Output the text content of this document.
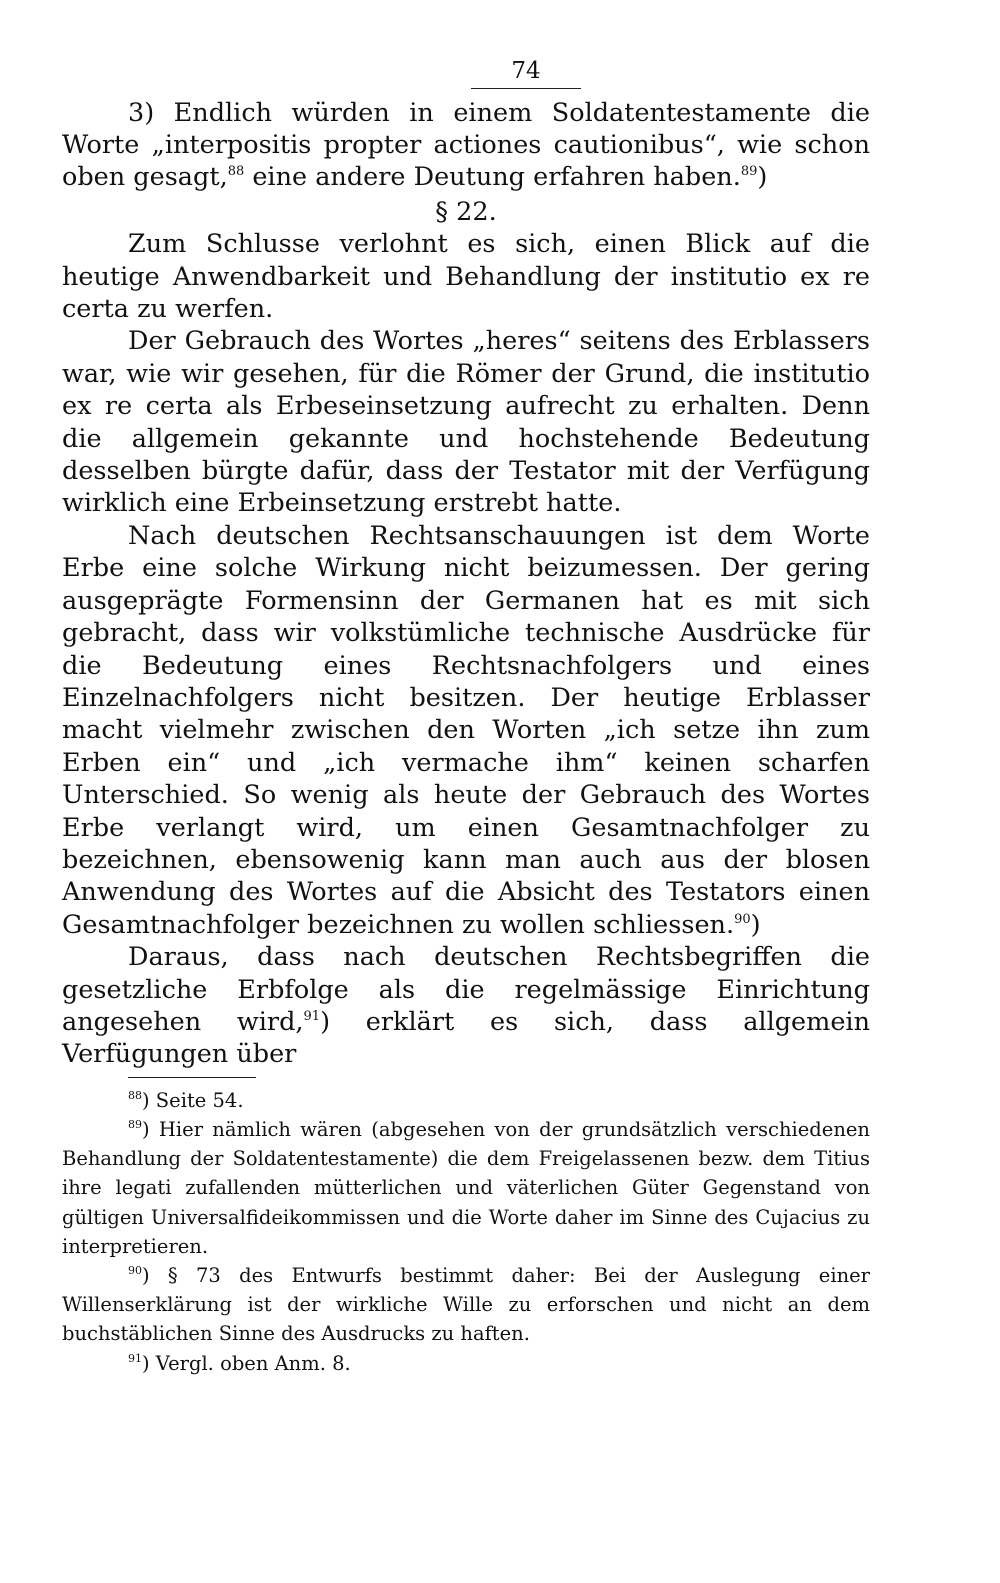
74

3) Endlich würden in einem Soldatentestamente die Worte „interpositis propter actiones cautionibus“, wie schon oben gesagt,$^{88}$ eine andere Deutung erfahren haben.$^{89}$)

§ 22.

Zum Schlusse verlohnt es sich, einen Blick auf die heutige Anwendbarkeit und Behandlung der institutio ex re certa zu werfen.

Der Gebrauch des Wortes „heres“ seitens des Erblassers war, wie wir gesehen, für die Römer der Grund, die institutio ex re certa als Erbeseinsetzung aufrecht zu erhalten. Denn die allgemein gekannte und hochstehende Bedeutung desselben bürgte dafür, dass der Testator mit der Verfügung wirklich eine Erbeinsetzung erstrebt hatte.

Nach deutschen Rechtsanschauungen ist dem Worte Erbe eine solche Wirkung nicht beizumessen. Der gering ausgeprägte Formensinn der Germanen hat es mit sich gebracht, dass wir volkstümliche technische Ausdrücke für die Bedeutung eines Rechtsnachfolgers und eines Einzelnachfolgers nicht besitzen. Der heutige Erblasser macht vielmehr zwischen den Worten „ich setze ihn zum Erben ein“ und „ich vermache ihm“ keinen scharfen Unterschied. So wenig als heute der Gebrauch des Wortes Erbe verlangt wird, um einen Gesamtnachfolger zu bezeichnen, ebensowenig kann man auch aus der blosen Anwendung des Wortes auf die Absicht des Testators einen Gesamtnachfolger bezeichnen zu wollen schliessen.$^{90}$)

Daraus, dass nach deutschen Rechtsbegriffen die gesetzliche Erbfolge als die regelmässige Einrichtung angesehen wird,$^{91}$) erklärt es sich, dass allgemein Verfügungen über

$^{88}$) Seite 54.

$^{89}$) Hier nämlich wären (abgesehen von der grundsätzlich verschiedenen Behandlung der Soldatentestamente) die dem Freigelassenen bezw. dem Titius ihre legati zufallenden mütterlichen und väterlichen Güter Gegenstand von gültigen Universalfideikommissen und die Worte daher im Sinne des Cujacius zu interpretieren.

$^{90}$) § 73 des Entwurfs bestimmt daher: Bei der Auslegung einer Willenserklärung ist der wirkliche Wille zu erforschen und nicht an dem buchstäblichen Sinne des Ausdrucks zu haften.

$^{91}$) Vergl. oben Anm. 8.
